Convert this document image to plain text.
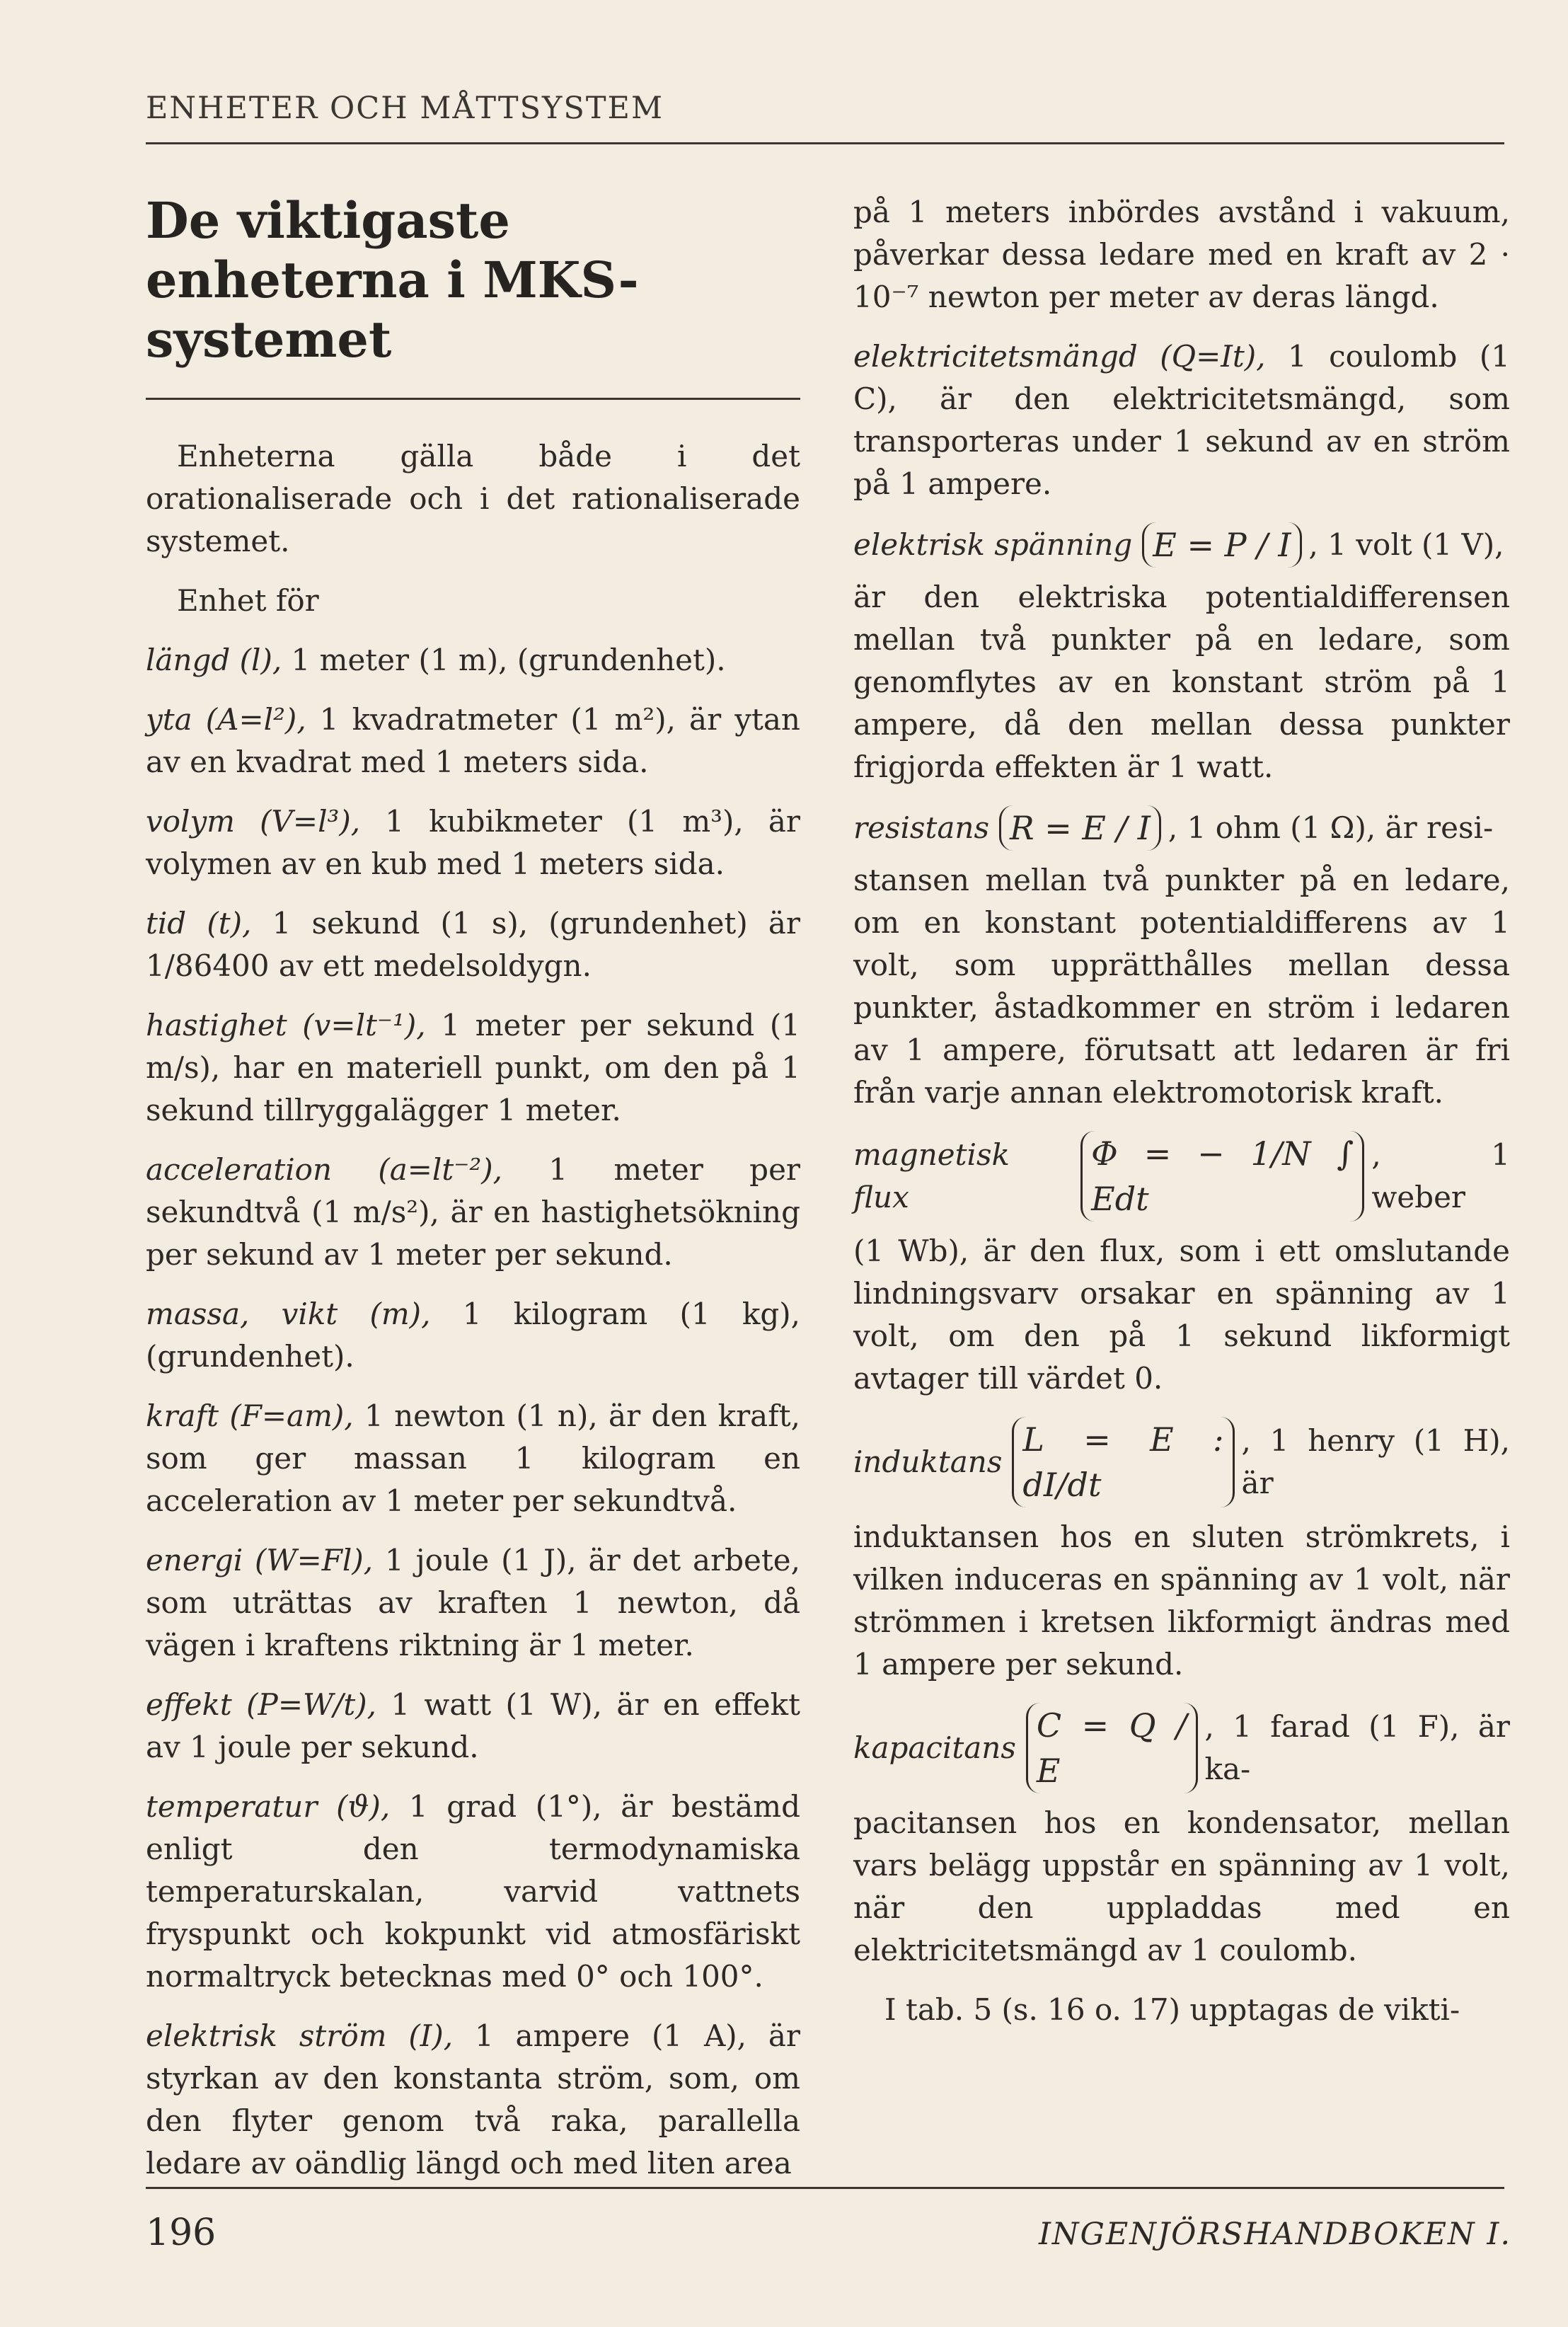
ENHETER OCH MÅTTSYSTEM
De viktigaste enheterna i MKS-systemet

Enheterna gälla både i det orationaliserade och i det rationaliserade systemet.

Enhet för

längd (l), 1 meter (1 m), (grundenhet).

yta (A=l²), 1 kvadratmeter (1 m²), är ytan av en kvadrat med 1 meters sida.

volym (V=l³), 1 kubikmeter (1 m³), är volymen av en kub med 1 meters sida.

tid (t), 1 sekund (1 s), (grundenhet) är 1/86400 av ett medelsoldygn.

hastighet (v=lt⁻¹), 1 meter per sekund (1 m/s), har en materiell punkt, om den på 1 sekund tillryggalägger 1 meter.

acceleration (a=lt⁻²), 1 meter per sekundtvå (1 m/s²), är en hastighetsökning per sekund av 1 meter per sekund.

massa, vikt (m), 1 kilogram (1 kg), (grundenhet).

kraft (F=am), 1 newton (1 n), är den kraft, som ger massan 1 kilogram en acceleration av 1 meter per sekundtvå.

energi (W=Fl), 1 joule (1 J), är det arbete, som uträttas av kraften 1 newton, då vägen i kraftens riktning är 1 meter.

effekt (P=W/t), 1 watt (1 W), är en effekt av 1 joule per sekund.

temperatur (ϑ), 1 grad (1°), är bestämd enligt den termodynamiska temperaturskalan, varvid vattnets fryspunkt och kokpunkt vid atmosfäriskt normaltryck betecknas med 0° och 100°.

elektrisk ström (I), 1 ampere (1 A), är styrkan av den konstanta ström, som, om den flyter genom två raka, parallella ledare av oändlig längd och med liten area

på 1 meters inbördes avstånd i vakuum, påverkar dessa ledare med en kraft av 2 · 10⁻⁷ newton per meter av deras längd.

elektricitetsmängd (Q=It), 1 coulomb (1 C), är den elektricitetsmängd, som transporteras under 1 sekund av en ström på 1 ampere.

elektrisk spänning E = P / I , 1 volt (1 V),

är den elektriska potentialdifferensen mellan två punkter på en ledare, som genomflytes av en konstant ström på 1 ampere, då den mellan dessa punkter frigjorda effekten är 1 watt.

resistans R = E / I , 1 ohm (1 Ω), är resi-

stansen mellan två punkter på en ledare, om en konstant potentialdifferens av 1 volt, som upprätthålles mellan dessa punkter, åstadkommer en ström i ledaren av 1 ampere, förutsatt att ledaren är fri från varje annan elektromotorisk kraft.

magnetisk flux
Φ = − 1/N ∫ Edt
, 1 weber

(1 Wb), är den flux, som i ett omslutande lindningsvarv orsakar en spänning av 1 volt, om den på 1 sekund likformigt avtager till värdet 0.

induktans
L = E : dI/dt
, 1 henry (1 H), är

induktansen hos en sluten strömkrets, i vilken induceras en spänning av 1 volt, när strömmen i kretsen likformigt ändras med 1 ampere per sekund.

kapacitans
C = Q / E
, 1 farad (1 F), är ka-

pacitansen hos en kondensator, mellan vars belägg uppstår en spänning av 1 volt, när den uppladdas med en elektricitetsmängd av 1 coulomb.

I tab. 5 (s. 16 o. 17) upptagas de vikti-

196	INGENJÖRSHANDBOKEN I.
